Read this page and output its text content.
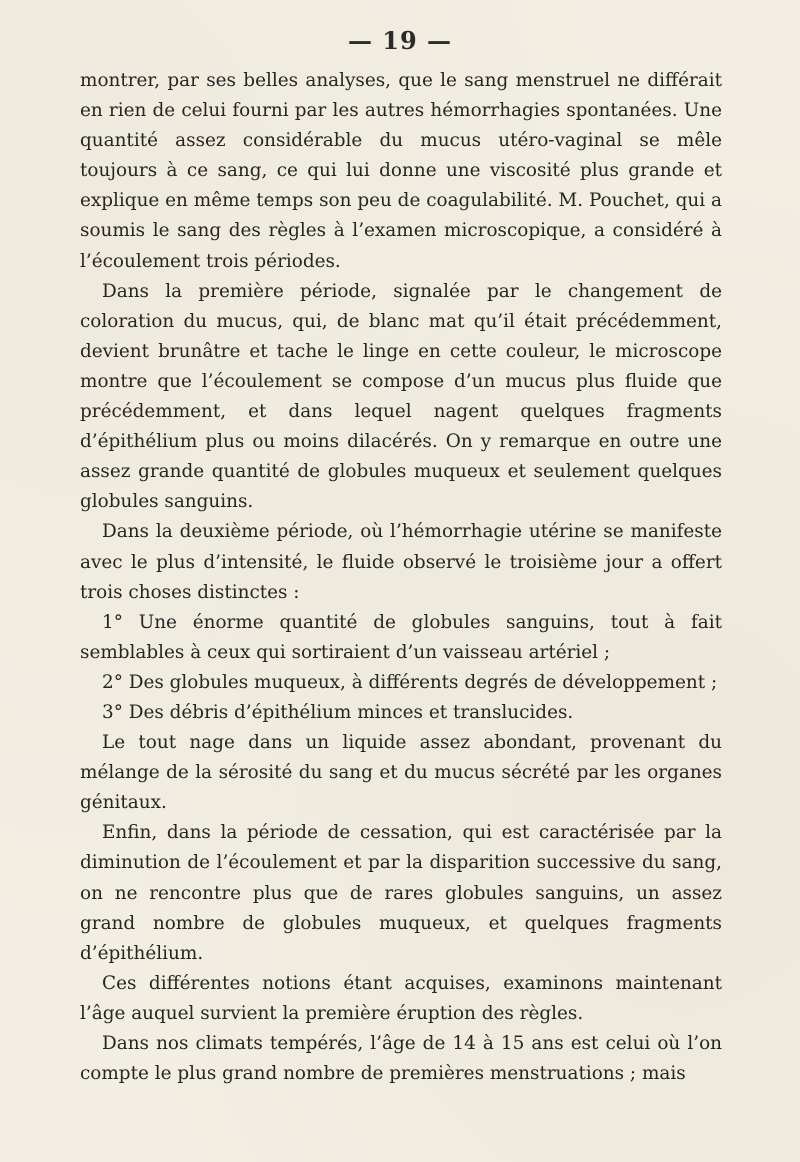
— 19 —

montrer, par ses belles analyses, que le sang menstruel ne différait en rien de celui fourni par les autres hémorrhagies spontanées. Une quantité assez considérable du mucus utéro-vaginal se mêle toujours à ce sang, ce qui lui donne une viscosité plus grande et explique en même temps son peu de coagulabilité. M. Pouchet, qui a soumis le sang des règles à l’examen microscopique, a considéré à l’écoulement trois périodes.

Dans la première période, signalée par le changement de coloration du mucus, qui, de blanc mat qu’il était précédemment, devient brunâtre et tache le linge en cette couleur, le microscope montre que l’écoulement se compose d’un mucus plus fluide que précédemment, et dans lequel nagent quelques fragments d’épithélium plus ou moins dilacérés. On y remarque en outre une assez grande quantité de globules muqueux et seulement quelques globules sanguins.

Dans la deuxième période, où l’hémorrhagie utérine se manifeste avec le plus d’intensité, le fluide observé le troisième jour a offert trois choses distinctes :

1° Une énorme quantité de globules sanguins, tout à fait semblables à ceux qui sortiraient d’un vaisseau artériel ;

2° Des globules muqueux, à différents degrés de développement ;

3° Des débris d’épithélium minces et translucides.

Le tout nage dans un liquide assez abondant, provenant du mélange de la sérosité du sang et du mucus sécrété par les organes génitaux.

Enfin, dans la période de cessation, qui est caractérisée par la diminution de l’écoulement et par la disparition successive du sang, on ne rencontre plus que de rares globules sanguins, un assez grand nombre de globules muqueux, et quelques fragments d’épithélium.

Ces différentes notions étant acquises, examinons maintenant l’âge auquel survient la première éruption des règles.

Dans nos climats tempérés, l’âge de 14 à 15 ans est celui où l’on compte le plus grand nombre de premières menstruations ; mais
